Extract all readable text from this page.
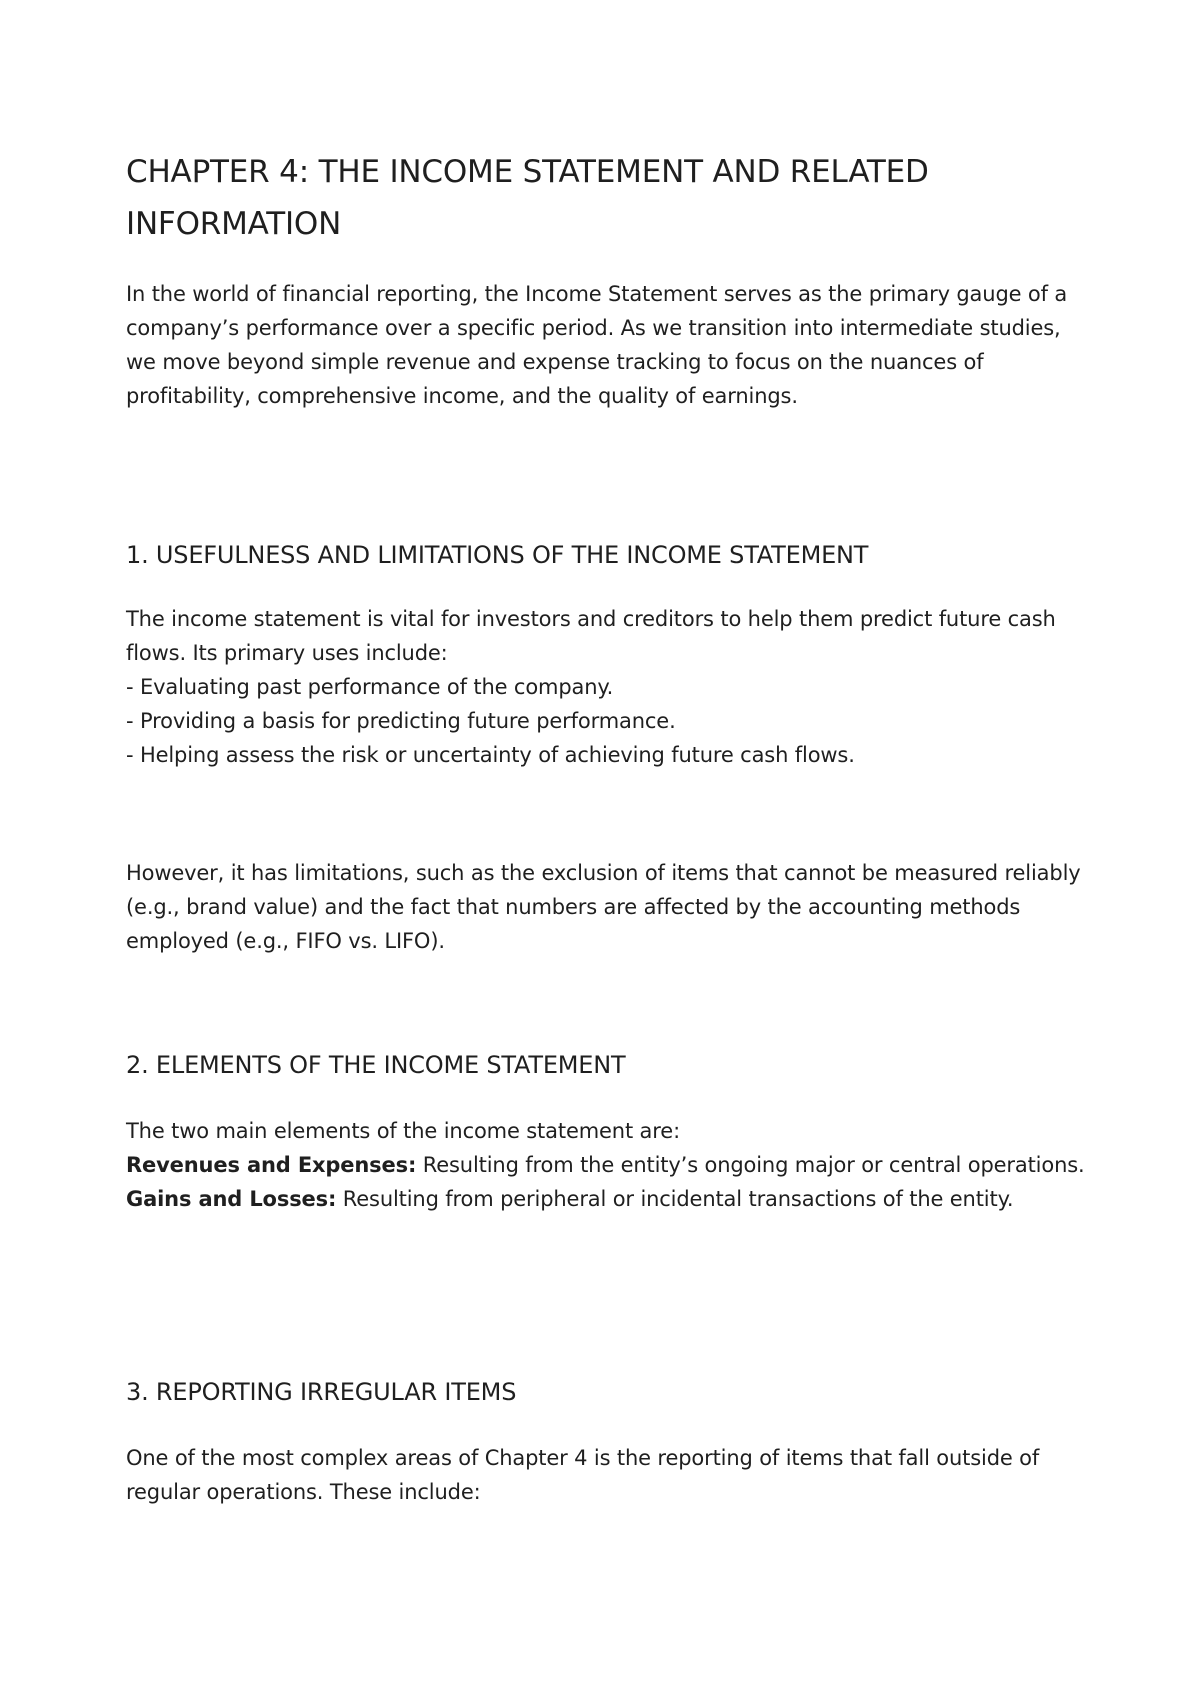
CHAPTER 4: THE INCOME STATEMENT AND RELATED INFORMATION

In the world of financial reporting, the Income Statement serves as the primary gauge of a company’s performance over a specific period. As we transition into intermediate studies, we move beyond simple revenue and expense tracking to focus on the nuances of profitability, comprehensive income, and the quality of earnings.

1. USEFULNESS AND LIMITATIONS OF THE INCOME STATEMENT

The income statement is vital for investors and creditors to help them predict future cash flows. Its primary uses include:

- Evaluating past performance of the company.
- Providing a basis for predicting future performance.
- Helping assess the risk or uncertainty of achieving future cash flows.

However, it has limitations, such as the exclusion of items that cannot be measured reliably (e.g., brand value) and the fact that numbers are affected by the accounting methods employed (e.g., FIFO vs. LIFO).

2. ELEMENTS OF THE INCOME STATEMENT

The two main elements of the income statement are:

Revenues and Expenses: Resulting from the entity’s ongoing major or central operations.

Gains and Losses: Resulting from peripheral or incidental transactions of the entity.

3. REPORTING IRREGULAR ITEMS

One of the most complex areas of Chapter 4 is the reporting of items that fall outside of regular operations. These include:
